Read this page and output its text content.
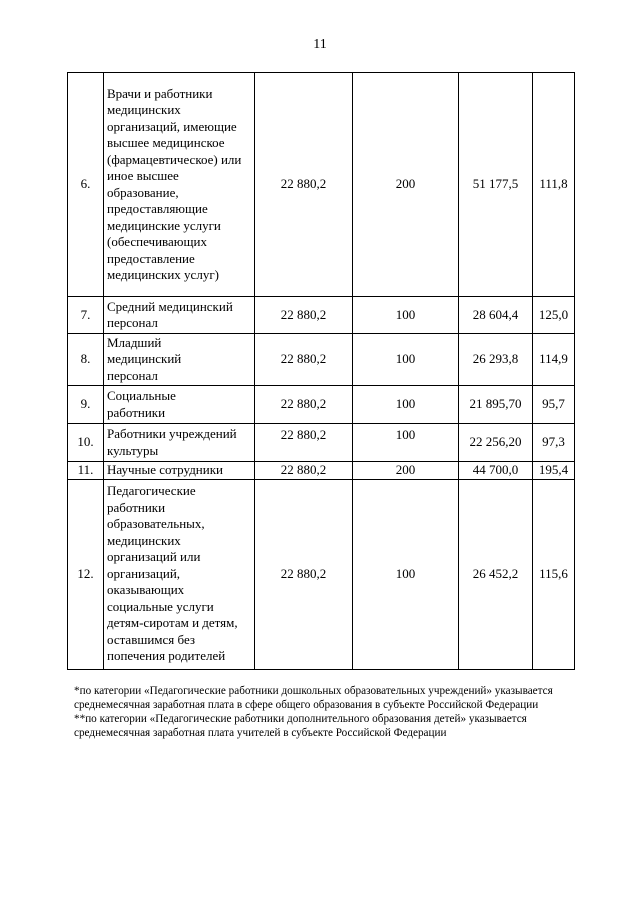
11
6.	Врачи и работники медицинских организаций, имеющие высшее медицинское (фармацевтическое) или иное высшее образование, предоставляющие медицинские услуги (обеспечивающих предоставление медицинских услуг)	22 880,2	200	51 177,5	111,8
7.	Средний медицинский персонал	22 880,2	100	28 604,4	125,0
8.	Младший медицинский персонал	22 880,2	100	26 293,8	114,9
9.	Социальные работники	22 880,2	100	21 895,70	95,7
10.	Работники учреждений культуры	22 880,2	100	22 256,20	97,3
11.	Научные сотрудники	22 880,2	200	44 700,0	195,4
12.	Педагогические работники образовательных, медицинских организаций или организаций, оказывающих социальные услуги детям-сиротам и детям, оставшимся без попечения родителей	22 880,2	100	26 452,2	115,6

*по категории «Педагогические работники дошкольных образовательных учреждений» указывается среднемесячная заработная плата в сфере общего образования в субъекте Российской Федерации

**по категории «Педагогические работники дополнительного образования детей» указывается среднемесячная заработная плата учителей в субъекте Российской Федерации
